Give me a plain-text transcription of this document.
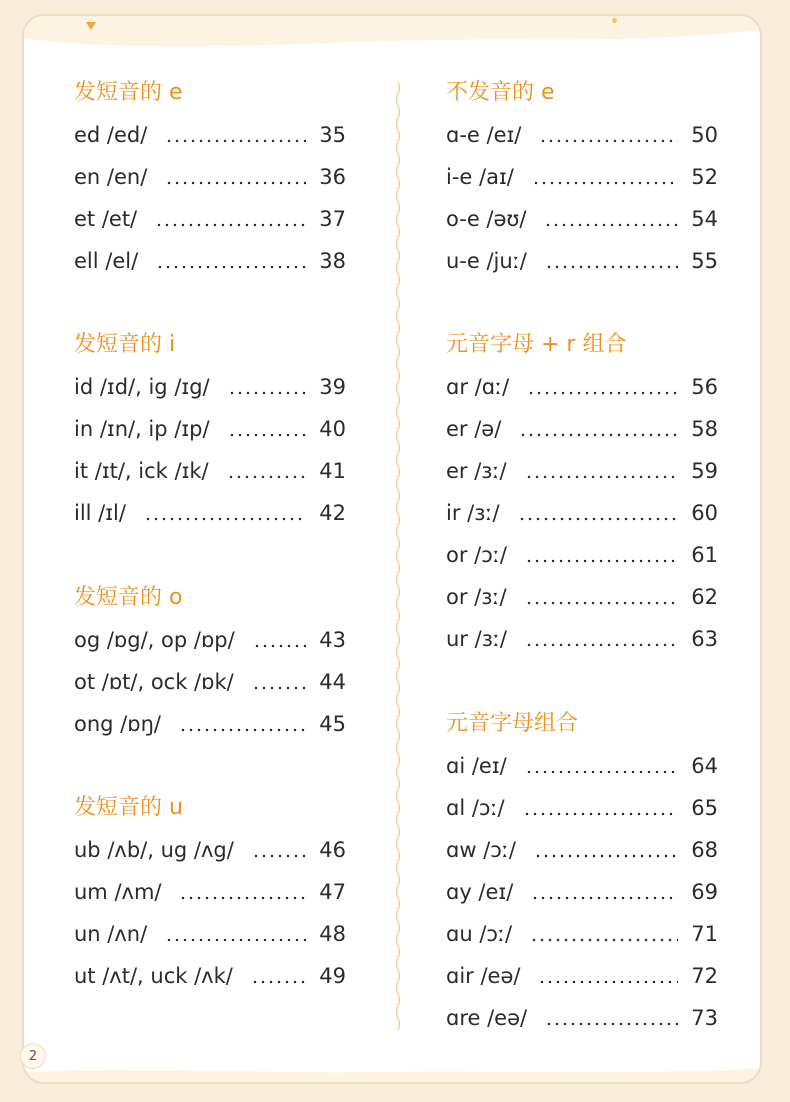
发短音的 e
ed /ed/	35
en /en/	36
et /et/	37
ell /el/	38
发短音的 i
id /ɪd/, ig /ɪg/	39
in /ɪn/, ip /ɪp/	40
it /ɪt/, ick /ɪk/	41
ill /ɪl/	42
发短音的 o
og /ɒg/, op /ɒp/	43
ot /ɒt/, ock /ɒk/	44
ong /ɒŋ/	45
发短音的 u
ub /ʌb/, ug /ʌg/	46
um /ʌm/	47
un /ʌn/	48
ut /ʌt/, uck /ʌk/	49
不发音的 e
ɑ-e /eɪ/	50
i-e /aɪ/	52
o-e /əʊ/	54
u-e /juː/	55
元音字母 + r 组合
ɑr /ɑː/	56
er /ə/	58
er /ɜː/	59
ir /ɜː/	60
or /ɔː/	61
or /ɜː/	62
ur /ɜː/	63
元音字母组合
ɑi /eɪ/	64
ɑl /ɔː/	65
ɑw /ɔː/	68
ɑy /eɪ/	69
ɑu /ɔː/	71
ɑir /eə/	72
ɑre /eə/	73
2
